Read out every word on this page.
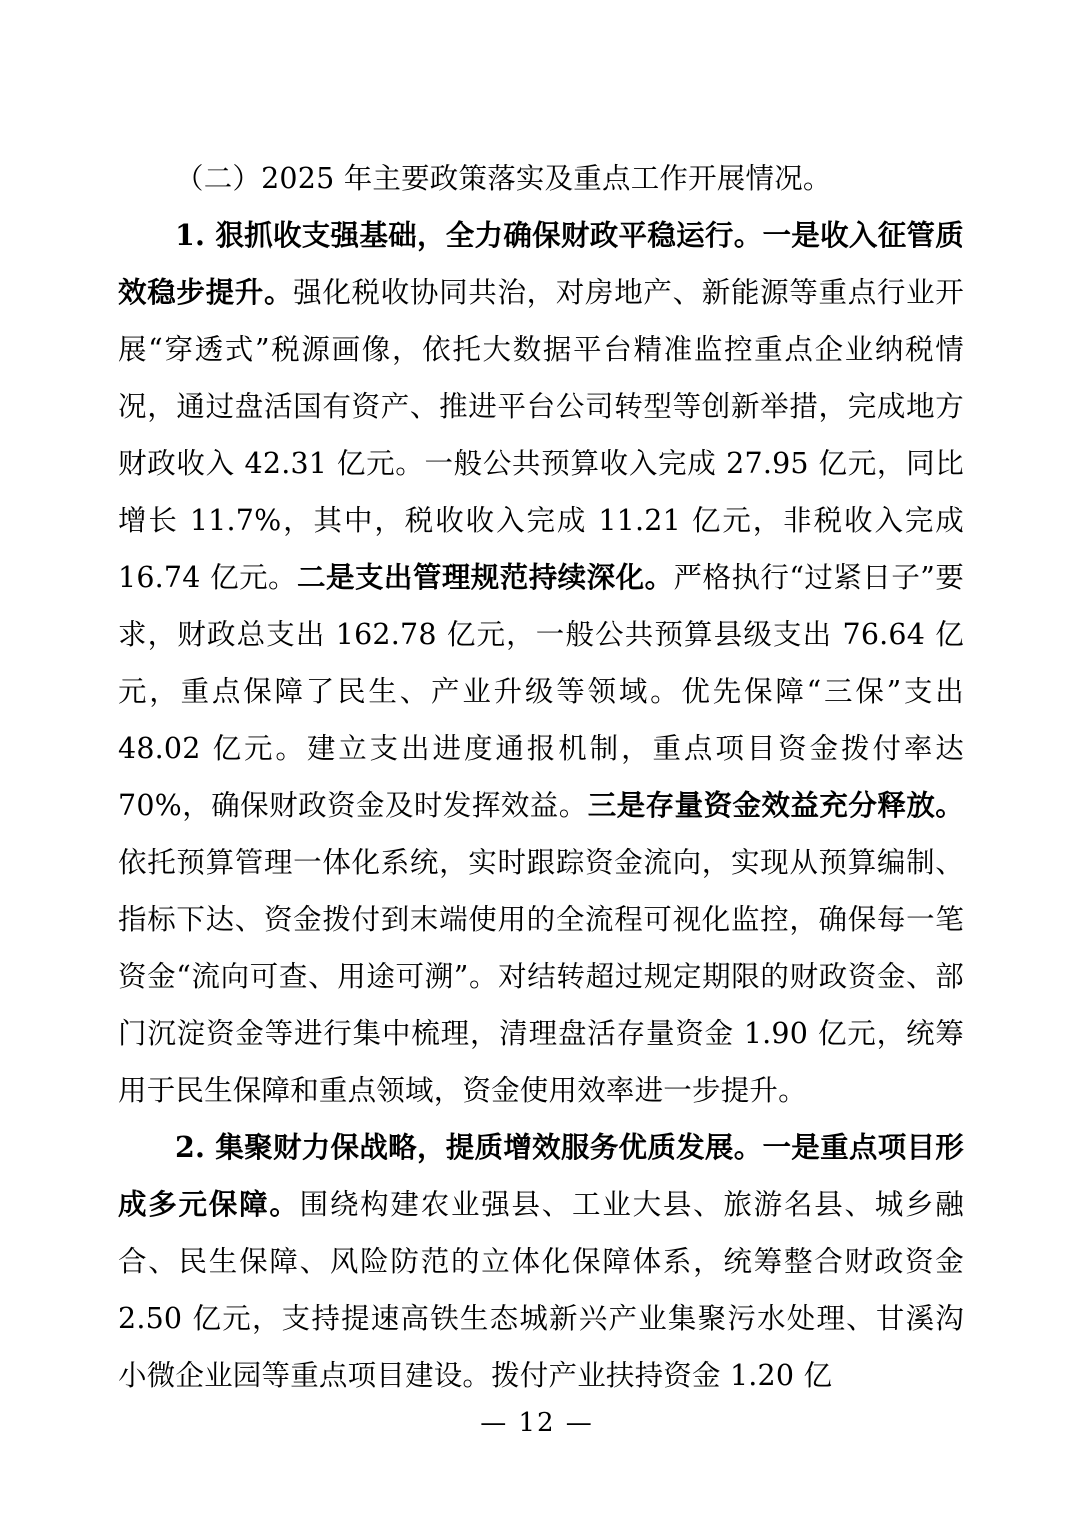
（二）2025 年主要政策落实及重点工作开展情况。

1. 狠抓收支强基础，全力确保财政平稳运行。一是收入征管质效稳步提升。强化税收协同共治，对房地产、新能源等重点行业开展“穿透式”税源画像，依托大数据平台精准监控重点企业纳税情况，通过盘活国有资产、推进平台公司转型等创新举措，完成地方财政收入 42.31 亿元。一般公共预算收入完成 27.95 亿元，同比增长 11.7%，其中，税收收入完成 11.21 亿元，非税收入完成 16.74 亿元。二是支出管理规范持续深化。严格执行“过紧日子”要求，财政总支出 162.78 亿元，一般公共预算县级支出 76.64 亿元，重点保障了民生、产业升级等领域。优先保障“三保”支出 48.02 亿元。建立支出进度通报机制，重点项目资金拨付率达 70%，确保财政资金及时发挥效益。三是存量资金效益充分释放。依托预算管理一体化系统，实时跟踪资金流向，实现从预算编制、指标下达、资金拨付到末端使用的全流程可视化监控，确保每一笔资金“流向可查、用途可溯”。对结转超过规定期限的财政资金、部门沉淀资金等进行集中梳理，清理盘活存量资金 1.90 亿元，统筹用于民生保障和重点领域，资金使用效率进一步提升。

2. 集聚财力保战略，提质增效服务优质发展。一是重点项目形成多元保障。围绕构建农业强县、工业大县、旅游名县、城乡融合、民生保障、风险防范的立体化保障体系，统筹整合财政资金 2.50 亿元，支持提速高铁生态城新兴产业集聚污水处理、甘溪沟小微企业园等重点项目建设。拨付产业扶持资金 1.20 亿

— 12 —
